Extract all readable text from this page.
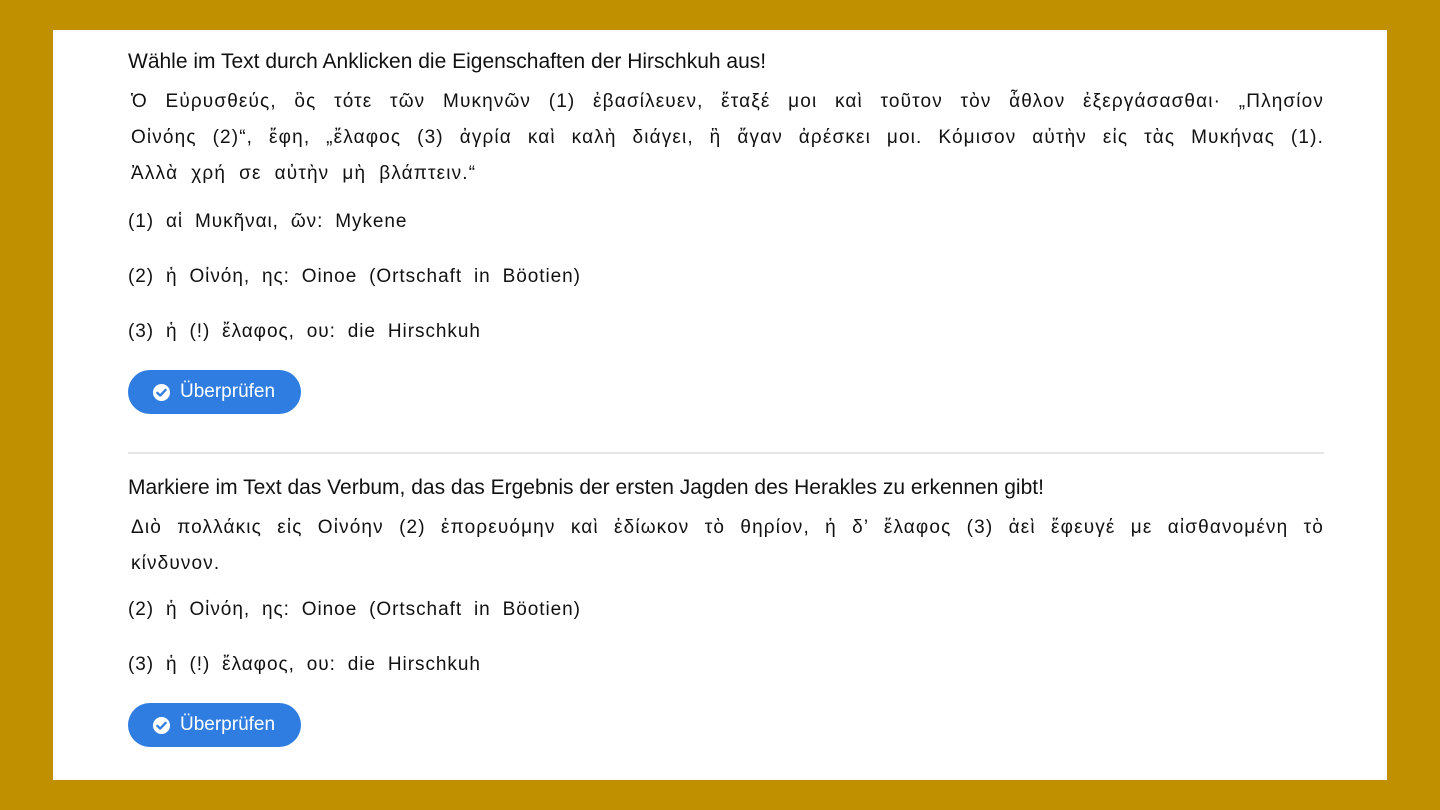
Wähle im Text durch Anklicken die Eigenschaften der Hirschkuh aus!

Ὁ Εὐρυσθεύς, ὃς τότε τῶν Μυκηνῶν (1) ἐβασίλευεν, ἔταξέ μοι καὶ τοῦτον τὸν ἆθλον ἐξεργάσασθαι· „Πλησίον Οἰνόης (2)“, ἔφη, „ἔλαφος (3) ἀγρία καὶ καλὴ διάγει, ἣ ἄγαν ἀρέσκει μοι. Κόμισον αὐτὴν εἰς τὰς Μυκήνας (1). Ἀλλὰ χρή σε αὐτὴν μὴ βλάπτειν.“

(1) αἱ Μυκῆναι, ῶν: Mykene

(2) ἡ Οἰνόη, ης: Oinoe (Ortschaft in Böotien)

(3) ἡ (!) ἔλαφος, ου: die Hirschkuh

Überprüfen
Markiere im Text das Verbum, das das Ergebnis der ersten Jagden des Herakles zu erkennen gibt!

Διὸ πολλάκις εἰς Οἰνόην (2) ἐπορευόμην καὶ ἐδίωκον τὸ θηρίον, ἡ δ’ ἔλαφος (3) ἀεὶ ἔφευγέ με αἰσθανομένη τὸ κίνδυνον.

(2) ἡ Οἰνόη, ης: Oinoe (Ortschaft in Böotien)

(3) ἡ (!) ἔλαφος, ου: die Hirschkuh

Überprüfen
